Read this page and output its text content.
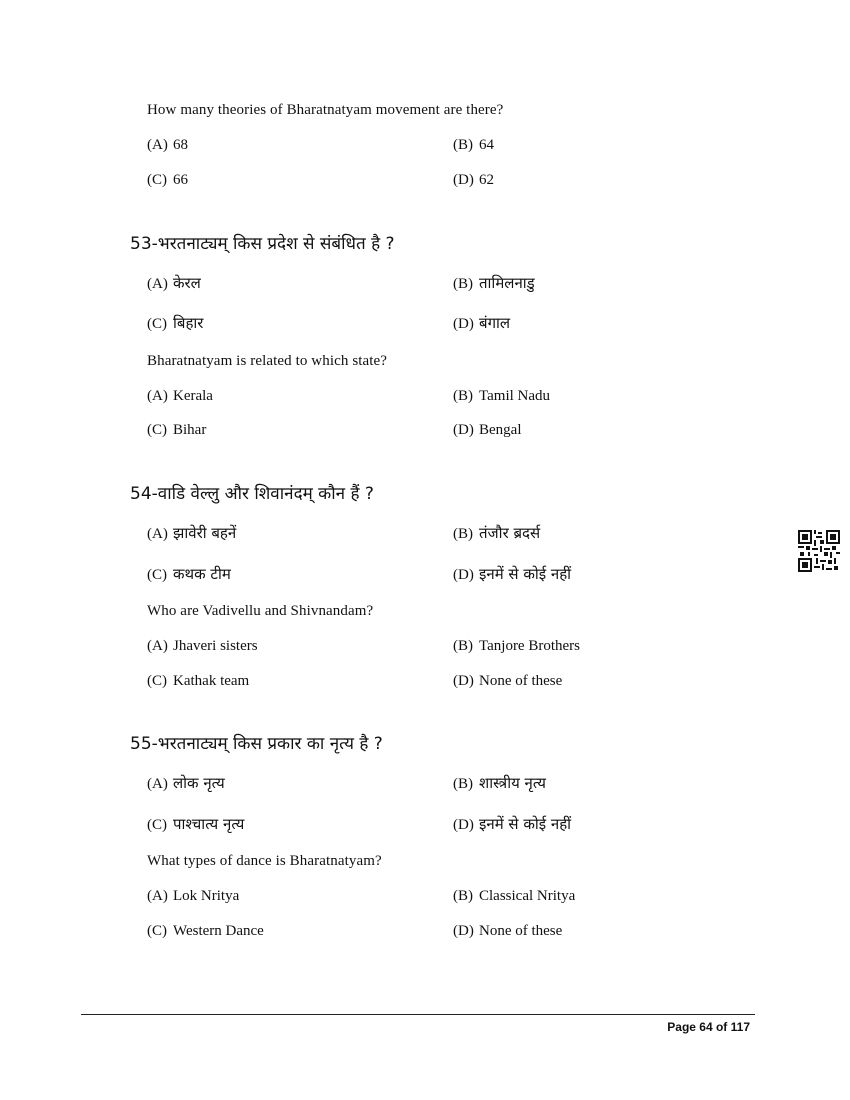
How many theories of Bharatnatyam movement are there?
(A) 68	(B) 64
(C) 66	(D) 62
53-भरतनाट्यम् किस प्रदेश से संबंधित है ?
(A) केरल	(B) तामिलनाडु
(C) बिहार	(D) बंगाल
Bharatnatyam is related to which state?
(A) Kerala	(B) Tamil Nadu
(C) Bihar	(D) Bengal
54-वाडि वेल्लु और शिवानंदम् कौन हैं ?
(A) झावेरी बहनें	(B) तंजौर ब्रदर्स
(C) कथक टीम	(D) इनमें से कोई नहीं
Who are Vadivellu and Shivnandam?
(A) Jhaveri sisters	(B) Tanjore Brothers
(C) Kathak team	(D) None of these
55-भरतनाट्यम् किस प्रकार का नृत्य है ?
(A) लोक नृत्य	(B) शास्त्रीय नृत्य
(C) पाश्चात्य नृत्य	(D) इनमें से कोई नहीं
What types of dance is Bharatnatyam?
(A) Lok Nritya	(B) Classical Nritya
(C) Western Dance	(D) None of these
Page 64 of 117
